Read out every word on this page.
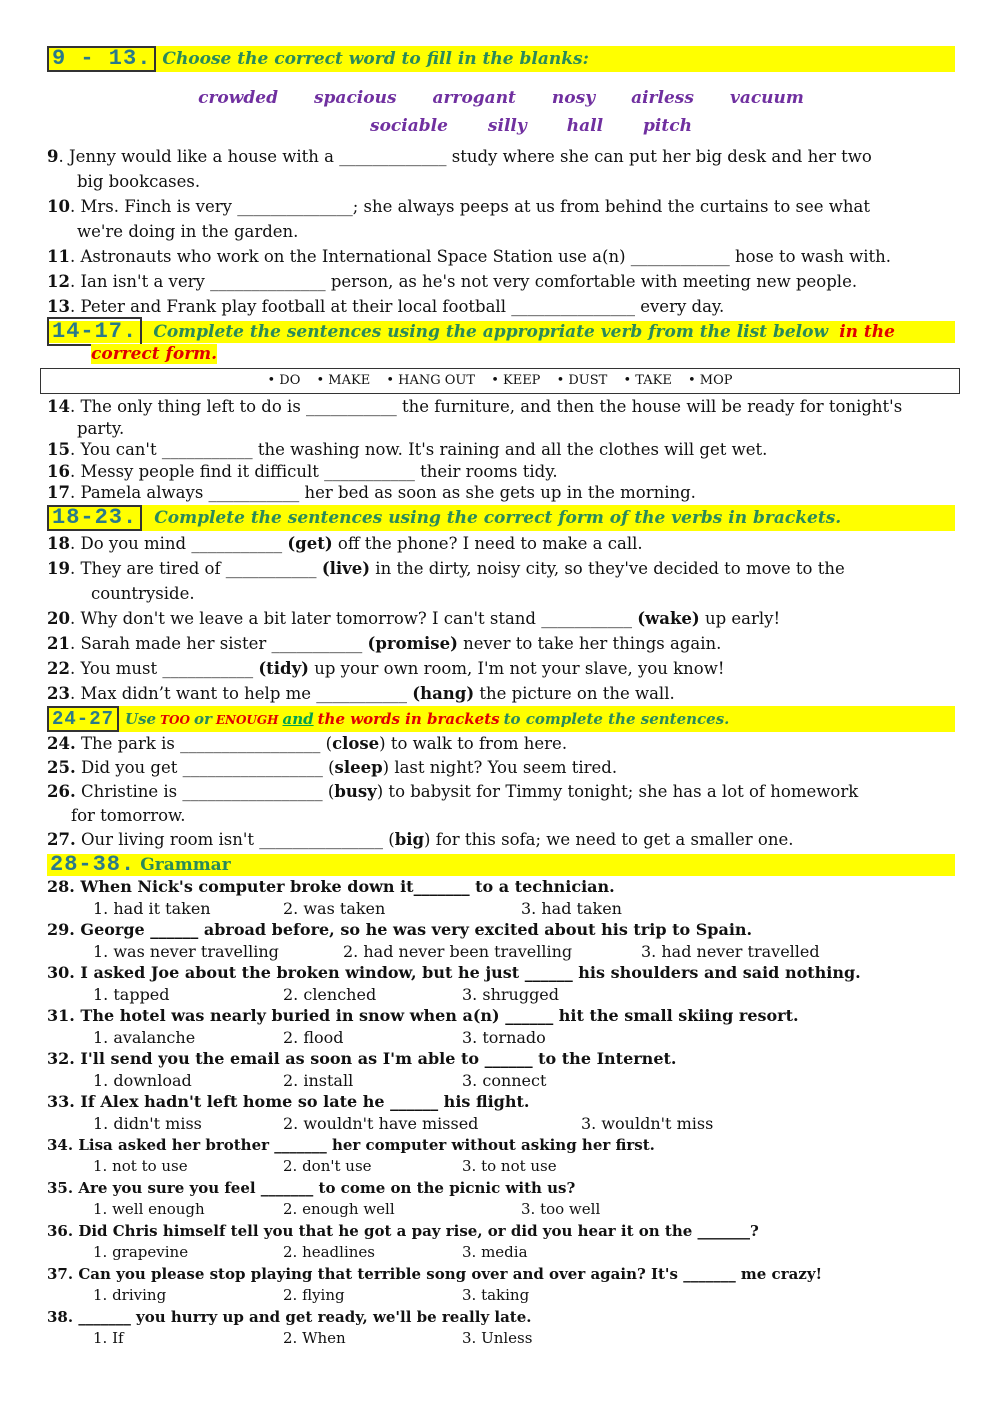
9 - 13. Choose the correct word to fill in the blanks:
crowded spacious arrogant nosy airless vacuum
sociable silly hall pitch
9. Jenny would like a house with a _____________ study where she can put her big desk and her two
big bookcases.
10. Mrs. Finch is very ______________; she always peeps at us from behind the curtains to see what
we're doing in the garden.
11. Astronauts who work on the International Space Station use a(n) ____________ hose to wash with.
12. Ian isn't a very ______________ person, as he's not very comfortable with meeting new people.
13. Peter and Frank play football at their local football _______________ every day.
14-17. Complete the sentences using the appropriate verb from the list below in the
correct form.
• DO • MAKE • HANG OUT • KEEP • DUST • TAKE • MOP
14. The only thing left to do is ___________ the furniture, and then the house will be ready for tonight's
party.
15. You can't ___________ the washing now. It's raining and all the clothes will get wet.
16. Messy people find it difficult ___________ their rooms tidy.
17. Pamela always ___________ her bed as soon as she gets up in the morning.
18-23. Complete the sentences using the correct form of the verbs in brackets.
18. Do you mind ___________ (get) off the phone? I need to make a call.
19. They are tired of ___________ (live) in the dirty, noisy city, so they've decided to move to the
countryside.
20. Why don't we leave a bit later tomorrow? I can't stand ___________ (wake) up early!
21. Sarah made her sister ___________ (promise) never to take her things again.
22. You must ___________ (tidy) up your own room, I'm not your slave, you know!
23. Max didn’t want to help me ___________ (hang) the picture on the wall.
24-27 Use TOO or ENOUGH and the words in brackets to complete the sentences.
24. The park is _________________ (close) to walk to from here.
25. Did you get _________________ (sleep) last night? You seem tired.
26. Christine is _________________ (busy) to babysit for Timmy tonight; she has a lot of homework
for tomorrow.
27. Our living room isn't _______________ (big) for this sofa; we need to get a smaller one.
28-38. Grammar
28. When Nick's computer broke down it_______ to a technician.
1. had it taken	2. was taken	3. had taken
29. George ______ abroad before, so he was very excited about his trip to Spain.
1. was never travelling	2. had never been travelling	3. had never travelled
30. I asked Joe about the broken window, but he just ______ his shoulders and said nothing.
1. tapped	2. clenched	3. shrugged
31. The hotel was nearly buried in snow when a(n) ______ hit the small skiing resort.
1. avalanche	2. flood	3. tornado
32. I'll send you the email as soon as I'm able to ______ to the Internet.
1. download	2. install	3. connect
33. If Alex hadn't left home so late he ______ his flight.
1. didn't miss	2. wouldn't have missed	3. wouldn't miss
34. Lisa asked her brother _______ her computer without asking her first.
1. not to use	2. don't use	3. to not use
35. Are you sure you feel _______ to come on the picnic with us?
1. well enough	2. enough well	3. too well
36. Did Chris himself tell you that he got a pay rise, or did you hear it on the _______?
1. grapevine	2. headlines	3. media
37. Can you please stop playing that terrible song over and over again? It's _______ me crazy!
1. driving	2. flying	3. taking
38. _______ you hurry up and get ready, we'll be really late.
1. If	2. When	3. Unless
